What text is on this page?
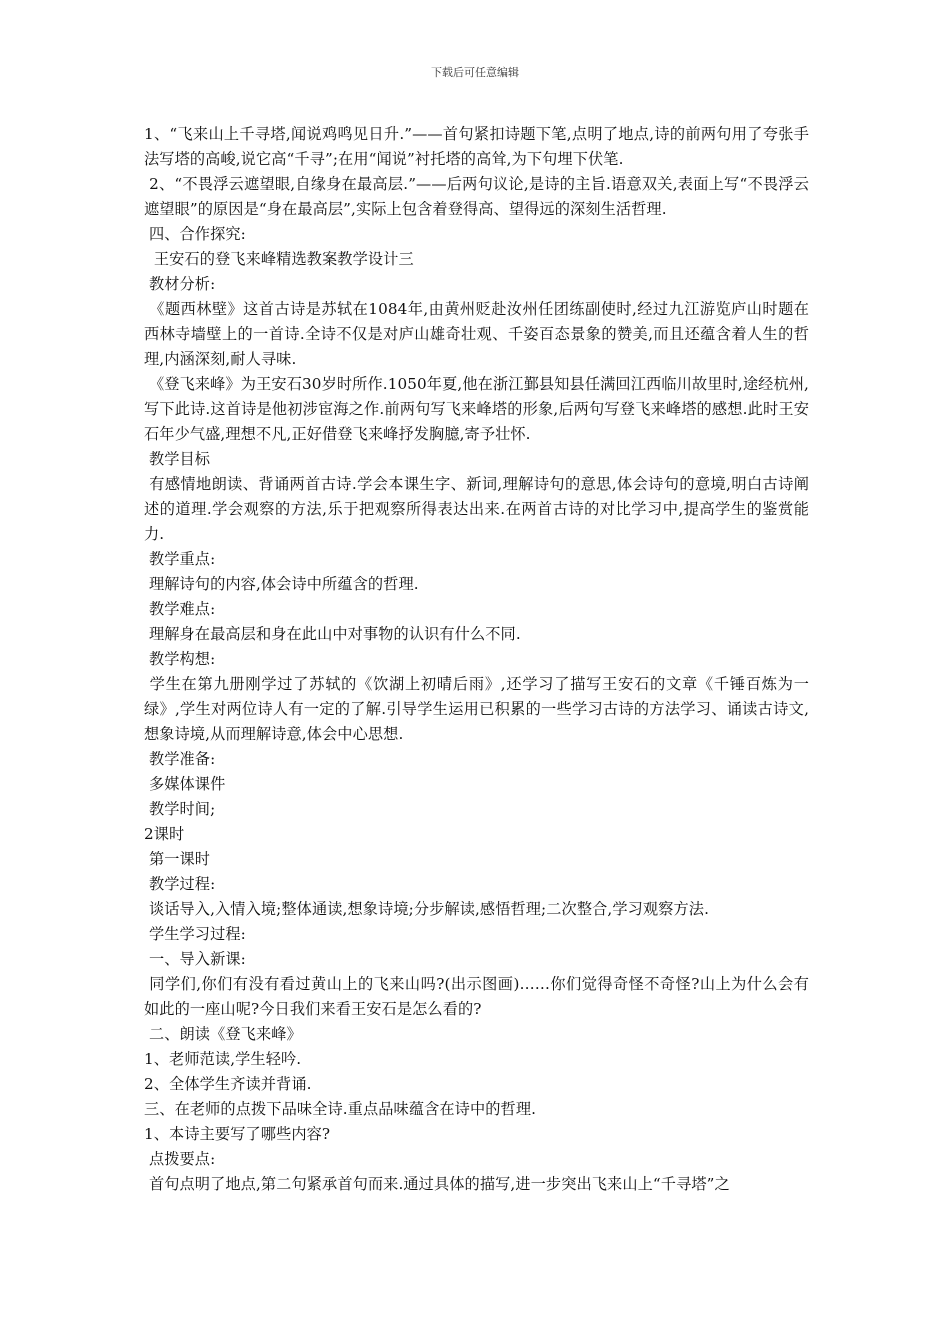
下载后可任意编辑

1、“飞来山上千寻塔,闻说鸡鸣见日升.”——首句紧扣诗题下笔,点明了地点,诗的前两句用了夸张手法写塔的高峻,说它高“千寻”;在用“闻说”衬托塔的高耸,为下句埋下伏笔.

2、“不畏浮云遮望眼,自缘身在最高层.”——后两句议论,是诗的主旨.语意双关,表面上写“不畏浮云遮望眼”的原因是“身在最高层”,实际上包含着登得高、望得远的深刻生活哲理.

四、合作探究:

王安石的登飞来峰精选教案教学设计三

教材分析:

《题西林壁》这首古诗是苏轼在1084年,由黄州贬赴汝州任团练副使时,经过九江游览庐山时题在西林寺墙壁上的一首诗.全诗不仅是对庐山雄奇壮观、千姿百态景象的赞美,而且还蕴含着人生的哲理,内涵深刻,耐人寻味.

《登飞来峰》为王安石30岁时所作.1050年夏,他在浙江鄞县知县任满回江西临川故里时,途经杭州,写下此诗.这首诗是他初涉宦海之作.前两句写飞来峰塔的形象,后两句写登飞来峰塔的感想.此时王安石年少气盛,理想不凡,正好借登飞来峰抒发胸臆,寄予壮怀.

教学目标

有感情地朗读、背诵两首古诗.学会本课生字、新词,理解诗句的意思,体会诗句的意境,明白古诗阐述的道理.学会观察的方法,乐于把观察所得表达出来.在两首古诗的对比学习中,提高学生的鉴赏能力.

教学重点:

理解诗句的内容,体会诗中所蕴含的哲理.

教学难点:

理解身在最高层和身在此山中对事物的认识有什么不同.

教学构想:

学生在第九册刚学过了苏轼的《饮湖上初晴后雨》,还学习了描写王安石的文章《千锤百炼为一绿》,学生对两位诗人有一定的了解.引导学生运用已积累的一些学习古诗的方法学习、诵读古诗文,想象诗境,从而理解诗意,体会中心思想.

教学准备:

多媒体课件

教学时间;

2课时

第一课时

教学过程:

谈话导入,入情入境;整体通读,想象诗境;分步解读,感悟哲理;二次整合,学习观察方法.

学生学习过程:

一、导入新课:

同学们,你们有没有看过黄山上的飞来山吗?(出示图画)……你们觉得奇怪不奇怪?山上为什么会有如此的一座山呢?今日我们来看王安石是怎么看的?

二、朗读《登飞来峰》

1、老师范读,学生轻吟.

2、全体学生齐读并背诵.

三、在老师的点拨下品味全诗.重点品味蕴含在诗中的哲理.

1、本诗主要写了哪些内容?

点拨要点:

首句点明了地点,第二句紧承首句而来.通过具体的描写,进一步突出飞来山上“千寻塔”之
